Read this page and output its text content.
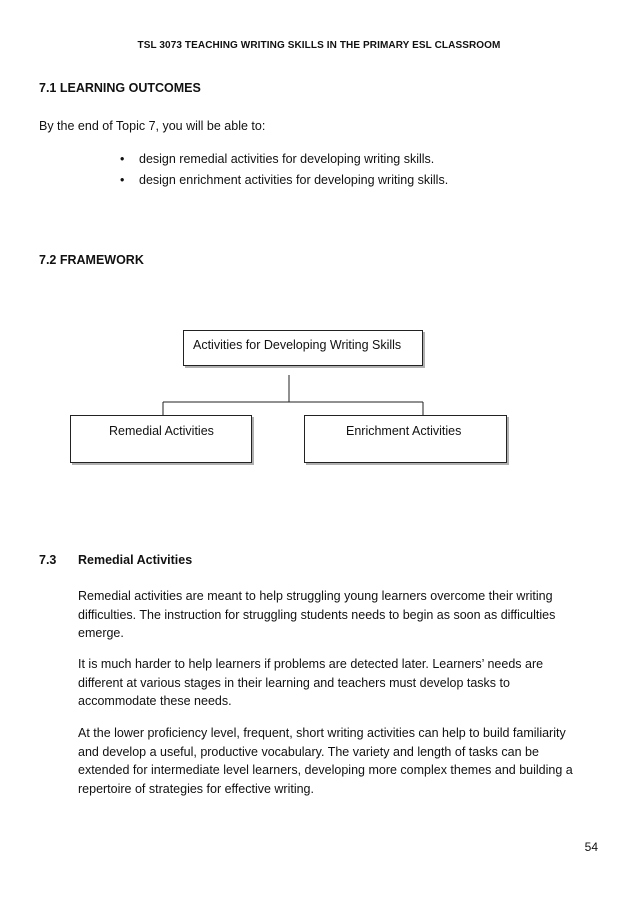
TSL 3073 TEACHING WRITING SKILLS IN THE PRIMARY ESL CLASSROOM
7.1 LEARNING OUTCOMES
By the end of Topic 7, you will be able to:
• design remedial activities for developing writing skills.
• design enrichment activities for developing writing skills.
7.2 FRAMEWORK
Activities for Developing Writing Skills
Remedial Activities	Enrichment Activities
7.3 Remedial Activities

Remedial activities are meant to help struggling young learners overcome their writing
difficulties. The instruction for struggling students needs to begin as soon as difficulties
emerge.

It is much harder to help learners if problems are detected later. Learners’ needs are
different at various stages in their learning and teachers must develop tasks to
accommodate these needs.

At the lower proficiency level, frequent, short writing activities can help to build familiarity
and develop a useful, productive vocabulary. The variety and length of tasks can be
extended for intermediate level learners, developing more complex themes and building a
repertoire of strategies for effective writing.

54
